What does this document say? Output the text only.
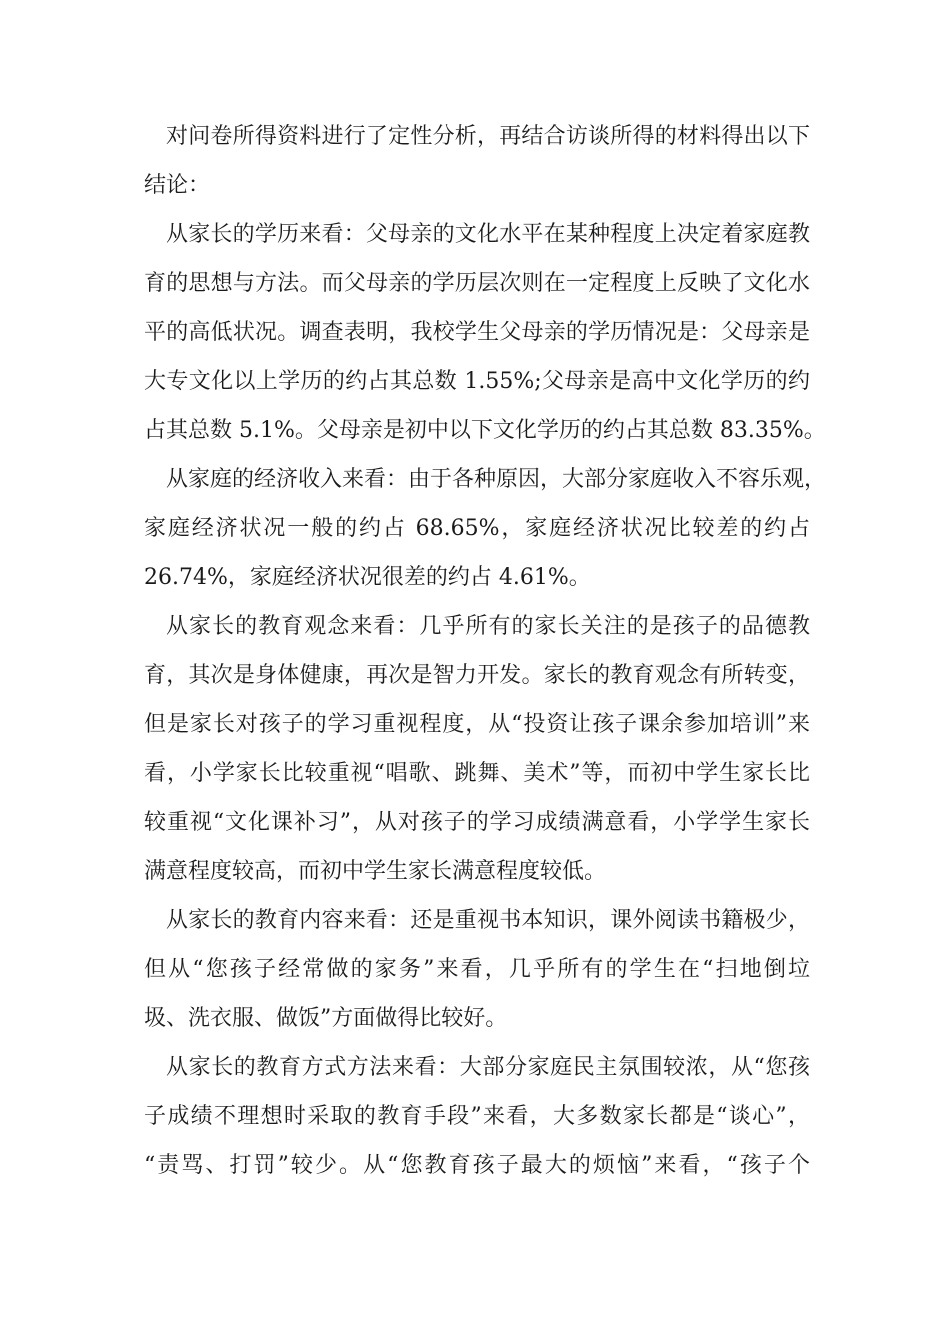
对问卷所得资料进行了定性分析，再结合访谈所得的材料得出以下
结论：
从家长的学历来看：父母亲的文化水平在某种程度上决定着家庭教
育的思想与方法。而父母亲的学历层次则在一定程度上反映了文化水
平的高低状况。调查表明，我校学生父母亲的学历情况是：父母亲是
大专文化以上学历的约占其总数 1.55%;父母亲是高中文化学历的约
占其总数 5.1%。父母亲是初中以下文化学历的约占其总数 83.35%。
从家庭的经济收入来看：由于各种原因，大部分家庭收入不容乐观，
家庭经济状况一般的约占 68.65%，家庭经济状况比较差的约占
26.74%，家庭经济状况很差的约占 4.61%。
从家长的教育观念来看：几乎所有的家长关注的是孩子的品德教
育，其次是身体健康，再次是智力开发。家长的教育观念有所转变，
但是家长对孩子的学习重视程度，从“投资让孩子课余参加培训”来
看，小学家长比较重视“唱歌、跳舞、美术”等，而初中学生家长比
较重视“文化课补习”，从对孩子的学习成绩满意看，小学学生家长
满意程度较高，而初中学生家长满意程度较低。
从家长的教育内容来看：还是重视书本知识，课外阅读书籍极少，
但从“您孩子经常做的家务”来看，几乎所有的学生在“扫地倒垃
圾、洗衣服、做饭”方面做得比较好。
从家长的教育方式方法来看：大部分家庭民主氛围较浓，从“您孩
子成绩不理想时采取的教育手段”来看，大多数家长都是“谈心”，
“责骂、打罚”较少。从“您教育孩子最大的烦恼”来看，“孩子个
